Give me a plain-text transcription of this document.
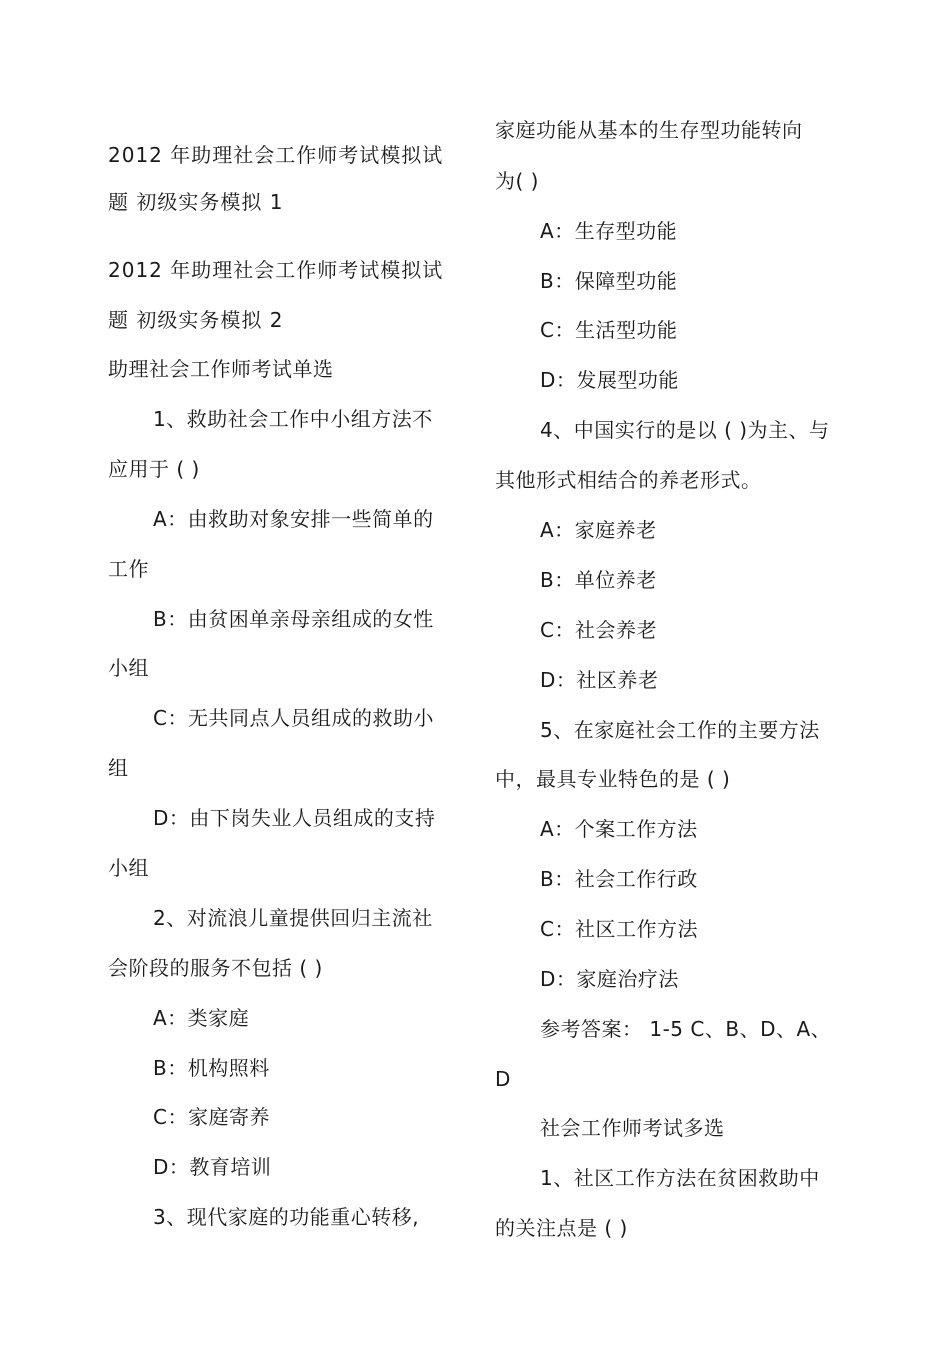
2012 年助理社会工作师考试模拟试
题 初级实务模拟 1
2012 年助理社会工作师考试模拟试
题 初级实务模拟 2
助理社会工作师考试单选
1、救助社会工作中小组方法不
应用于 ( )
A：由救助对象安排一些简单的
工作
B：由贫困单亲母亲组成的女性
小组
C：无共同点人员组成的救助小
组
D：由下岗失业人员组成的支持
小组
2、对流浪儿童提供回归主流社
会阶段的服务不包括 ( )
A：类家庭
B：机构照料
C：家庭寄养
D：教育培训
3、现代家庭的功能重心转移,
家庭功能从基本的生存型功能转向
为( )
A：生存型功能
B：保障型功能
C：生活型功能
D：发展型功能
4、中国实行的是以 ( )为主、与
其他形式相结合的养老形式。
A：家庭养老
B：单位养老
C：社会养老
D：社区养老
5、在家庭社会工作的主要方法
中，最具专业特色的是 ( )
A：个案工作方法
B：社会工作行政
C：社区工作方法
D：家庭治疗法
参考答案： 1-5 C、B、D、A、
D
社会工作师考试多选
1、社区工作方法在贫困救助中
的关注点是 ( )
